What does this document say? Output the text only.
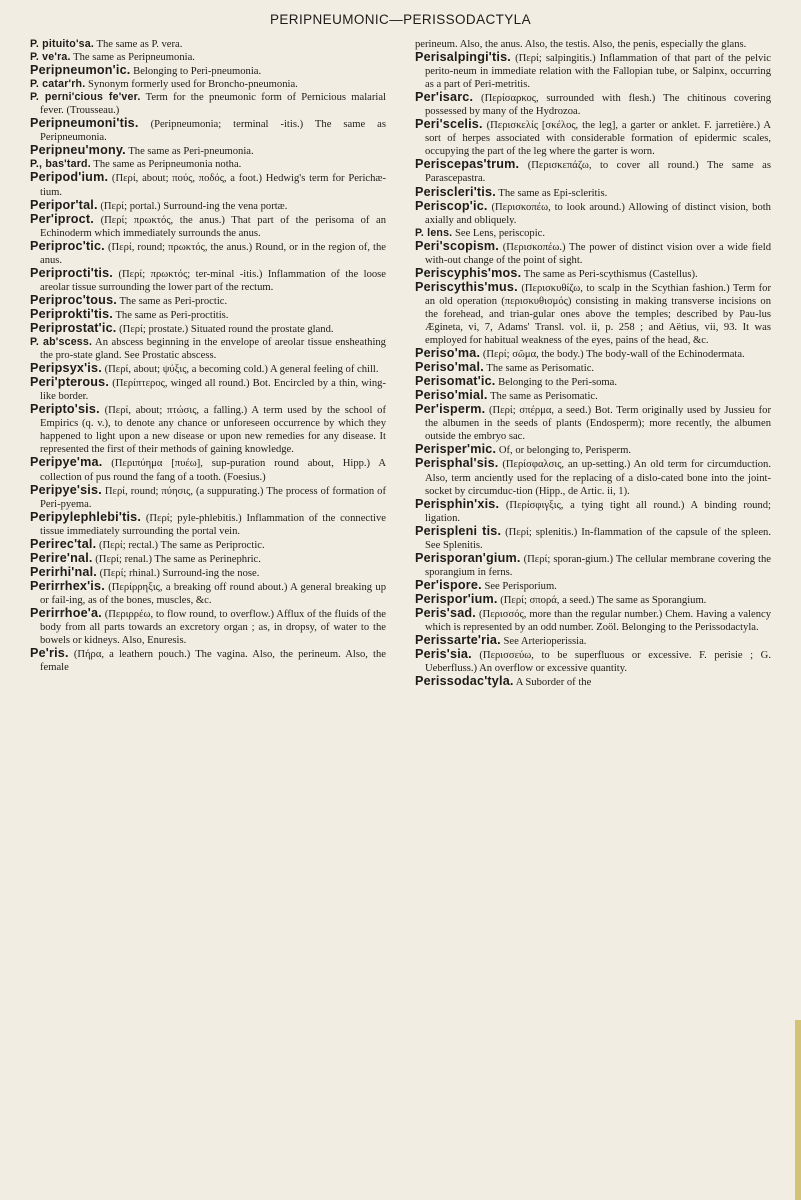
PERIPNEUMONIC—PERISSODACTYLA

P. pituito'sa. The same as P. vera.

P. ve'ra. The same as Peripneumonia.

Peripneumon'ic. Belonging to Peri-pneumonia.

P. catar'rh. Synonym formerly used for Broncho-pneumonia.

P. perni'cious fe'ver. Term for the pneumonic form of Pernicious malarial fever. (Trousseau.)

Peripneumoni'tis. (Peripneumonia; terminal -itis.) The same as Peripneumonia.

Peripneu'mony. The same as Peri-pneumonia.

P., bas'tard. The same as Peripneumonia notha.

Peripod'ium. (Περί, about; πούς, ποδός, a foot.) Hedwig's term for Perichæ-tium.

Peripor'tal. (Περί; portal.) Surround-ing the vena portæ.

Per'iproct. (Περί; πρωκτός, the anus.) That part of the perisoma of an Echinoderm which immediately surrounds the anus.

Periproc'tic. (Περί, round; πρωκτός, the anus.) Round, or in the region of, the anus.

Periprocti'tis. (Περί; πρωκτός; ter-minal -itis.) Inflammation of the loose areolar tissue surrounding the lower part of the rectum.

Periproc'tous. The same as Peri-proctic.

Periprokti'tis. The same as Peri-proctitis.

Periprostat'ic. (Περί; prostate.) Situated round the prostate gland.

P. ab'scess. An abscess beginning in the envelope of areolar tissue ensheathing the pro-state gland. See Prostatic abscess.

Peripsyx'is. (Περί, about; ψύξις, a becoming cold.) A general feeling of chill.

Peri'pterous. (Περίπτερος, winged all round.) Bot. Encircled by a thin, wing-like border.

Peripto'sis. (Περί, about; πτώσις, a falling.) A term used by the school of Empirics (q. v.), to denote any chance or unforeseen occurrence by which they happened to light upon a new disease or upon new remedies for any disease. It represented the first of their methods of gaining knowledge.

Peripye'ma. (Περιπύημα [πυέω], sup-puration round about, Hipp.) A collection of pus round the fang of a tooth. (Foesius.)

Peripye'sis. Περί, round; πύησις, (a suppurating.) The process of formation of Peri-pyema.

Peripylephlebi'tis. (Περί; pyle-phlebitis.) Inflammation of the connective tissue immediately surrounding the portal vein.

Perirec'tal. (Περί; rectal.) The same as Periproctic.

Perire'nal. (Περί; renal.) The same as Perinephric.

Perirhi'nal. (Περί; rhinal.) Surround-ing the nose.

Perirrhex'is. (Περίρρηξις, a breaking off round about.) A general breaking up or fail-ing, as of the bones, muscles, &c.

Perirrhoe'a. (Περιρρέω, to flow round, to overflow.) Afflux of the fluids of the body from all parts towards an excretory organ ; as, in dropsy, of water to the bowels or kidneys. Also, Enuresis.

Pe'ris. (Πήρα, a leathern pouch.) The vagina. Also, the perineum. Also, the female

perineum. Also, the anus. Also, the testis. Also, the penis, especially the glans.

Perisalpingi'tis. (Περί; salpingitis.) Inflammation of that part of the pelvic perito-neum in immediate relation with the Fallopian tube, or Salpinx, occurring as a part of Peri-metritis.

Per'isarc. (Περίσαρκος, surrounded with flesh.) The chitinous covering possessed by many of the Hydrozoa.

Peri'scelis. (Περισκελίς [σκέλος, the leg], a garter or anklet. F. jarretière.) A sort of herpes associated with considerable formation of epidermic scales, occupying the part of the leg where the garter is worn.

Periscepas'trum. (Περισκεπάζω, to cover all round.) The same as Parascepastra.

Periscleri'tis. The same as Epi-scleritis.

Periscop'ic. (Περισκοπέω, to look around.) Allowing of distinct vision, both axially and obliquely.

P. lens. See Lens, periscopic.

Peri'scopism. (Περισκοπέω.) The power of distinct vision over a wide field with-out change of the point of sight.

Periscyphis'mos. The same as Peri-scythismus (Castellus).

Periscythis'mus. (Περισκυθίζω, to scalp in the Scythian fashion.) Term for an old operation (περισκυθισμός) consisting in making transverse incisions on the forehead, and trian-gular ones above the temples; described by Pau-lus Ægineta, vi, 7, Adams' Transl. vol. ii, p. 258 ; and Aëtius, vii, 93. It was employed for habitual weakness of the eyes, pains of the head, &c.

Periso'ma. (Περί; σῶμα, the body.) The body-wall of the Echinodermata.

Periso'mal. The same as Perisomatic.

Perisomat'ic. Belonging to the Peri-soma.

Periso'mial. The same as Perisomatic.

Per'isperm. (Περί; σπέρμα, a seed.) Bot. Term originally used by Jussieu for the albumen in the seeds of plants (Endosperm); more recently, the albumen outside the embryo sac.

Perisper'mic. Of, or belonging to, Perisperm.

Perisphal'sis. (Περίσφαλσις, an up-setting.) An old term for circumduction. Also, term anciently used for the replacing of a dislo-cated bone into the joint-socket by circumduc-tion (Hipp., de Artic. ii, 1).

Perisphin'xis. (Περίσφιγξις, a tying tight all round.) A binding round; ligation.

Perispleni tis. (Περί; splenitis.) In-flammation of the capsule of the spleen. See Splenitis.

Perisporan'gium. (Περί; sporan-gium.) The cellular membrane covering the sporangium in ferns.

Per'ispore. See Perisporium.

Perispor'ium. (Περί; σπορά, a seed.) The same as Sporangium.

Peris'sad. (Περισσός, more than the regular number.) Chem. Having a valency which is represented by an odd number. Zoöl. Belonging to the Perissodactyla.

Perissarte'ria. See Arterioperissia.

Peris'sia. (Περισσεύω, to be superfluous or excessive. F. perisie ; G. Ueberfluss.) An overflow or excessive quantity.

Perissodac'tyla. A Suborder of the
